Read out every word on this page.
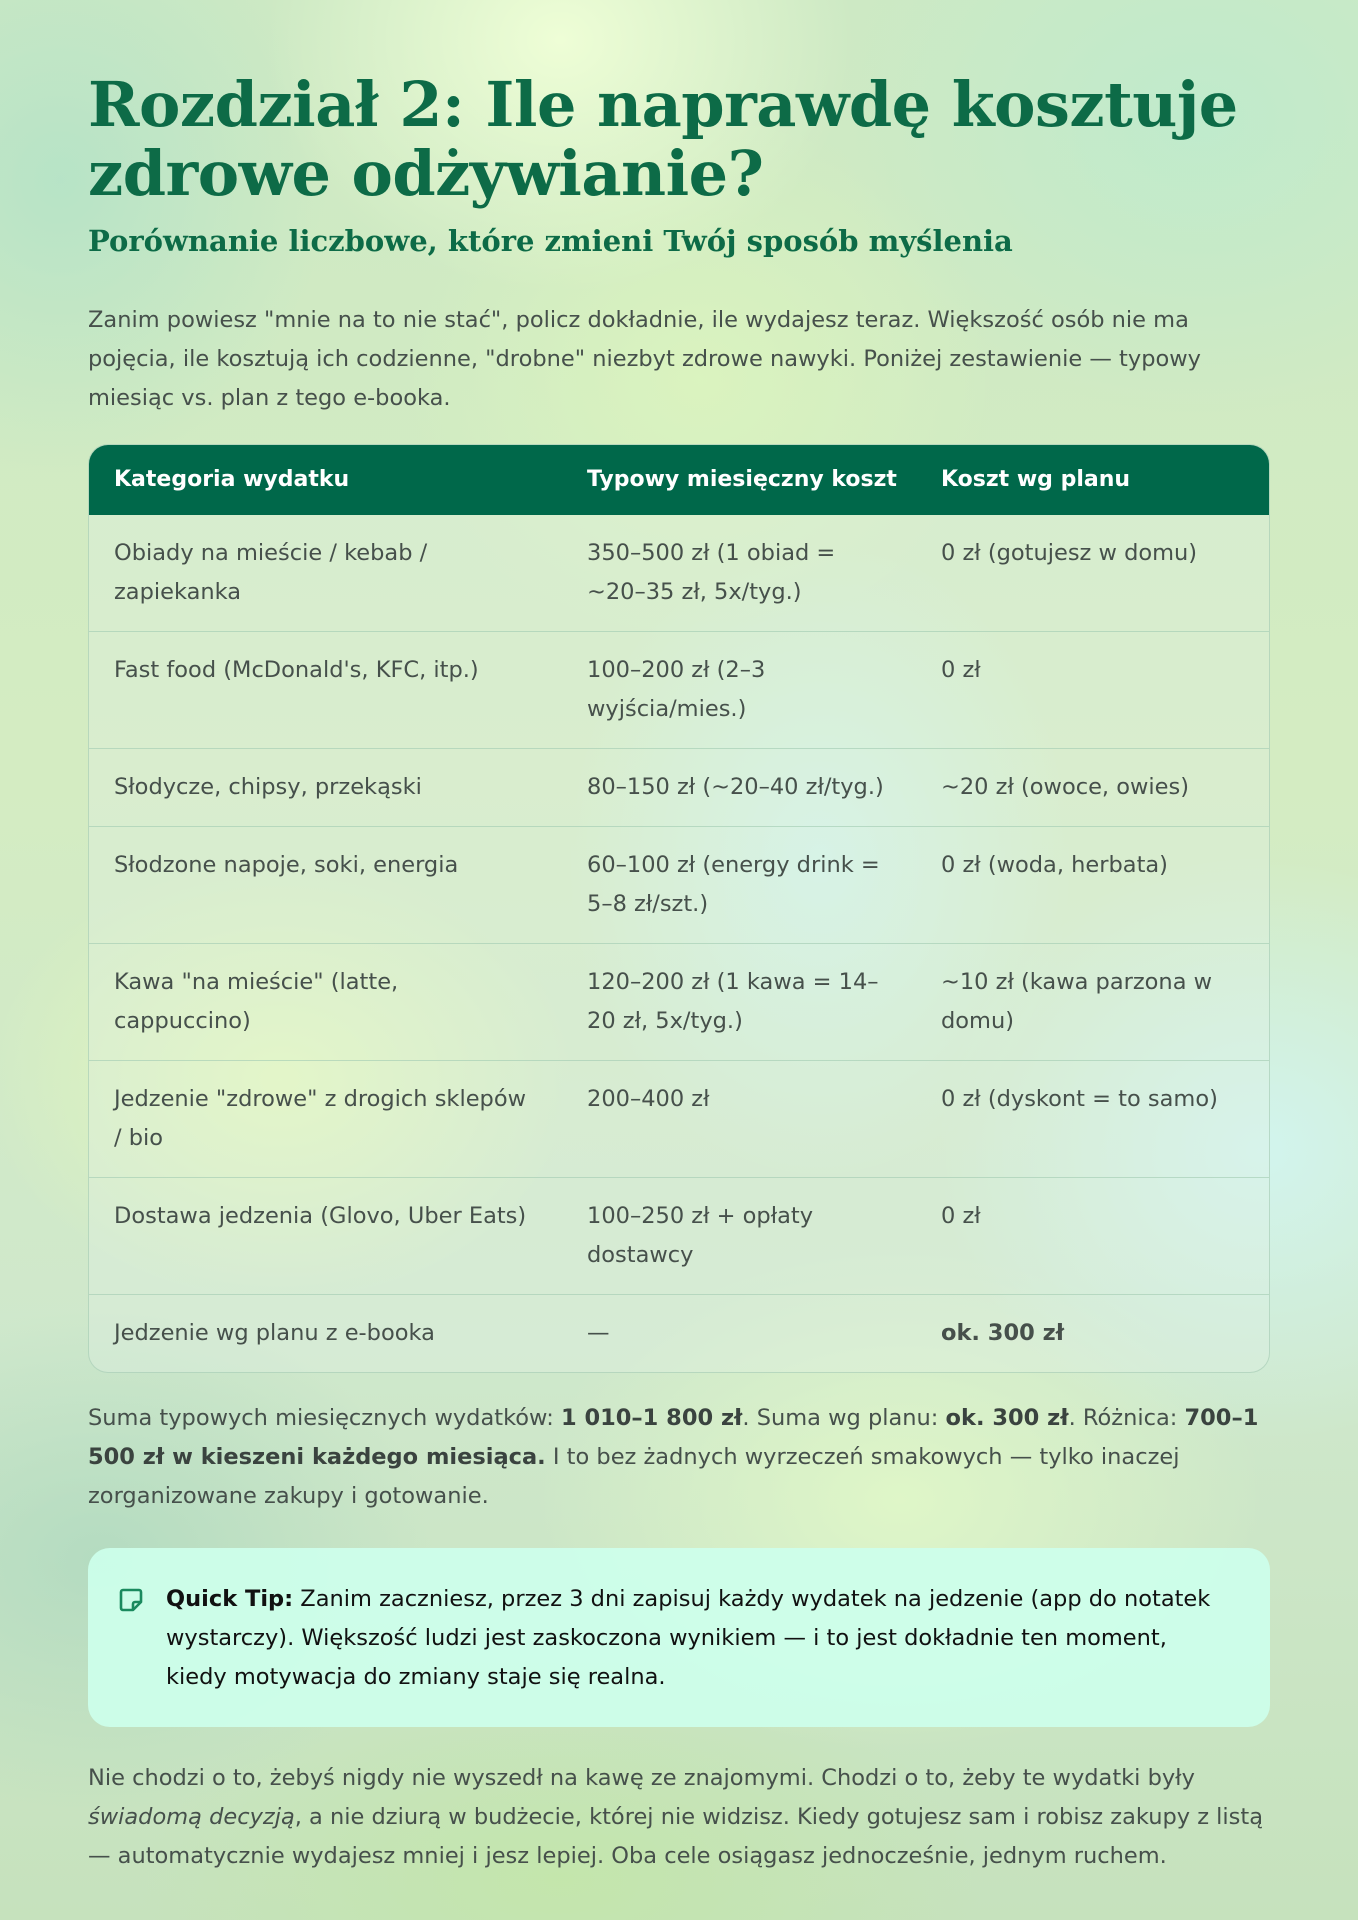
Rozdział 2: Ile naprawdę kosztuje zdrowe odżywianie?
Porównanie liczbowe, które zmieni Twój sposób myślenia

Zanim powiesz "mnie na to nie stać", policz dokładnie, ile wydajesz teraz. Większość osób nie ma pojęcia, ile kosztują ich codzienne, "drobne" niezbyt zdrowe nawyki. Poniżej zestawienie — typowy miesiąc vs. plan z tego e-booka.

Kategoria wydatku	Typowy miesięczny koszt	Koszt wg planu
Obiady na mieście / kebab / zapiekanka	350–500 zł (1 obiad = ~20–35 zł, 5x/tyg.)	0 zł (gotujesz w domu)
Fast food (McDonald's, KFC, itp.)	100–200 zł (2–3 wyjścia/mies.)	0 zł
Słodycze, chipsy, przekąski	80–150 zł (~20–40 zł/tyg.)	~20 zł (owoce, owies)
Słodzone napoje, soki, energia	60–100 zł (energy drink = 5–8 zł/szt.)	0 zł (woda, herbata)
Kawa "na mieście" (latte, cappuccino)	120–200 zł (1 kawa = 14–20 zł, 5x/tyg.)	~10 zł (kawa parzona w domu)
Jedzenie "zdrowe" z drogich sklepów / bio	200–400 zł	0 zł (dyskont = to samo)
Dostawa jedzenia (Glovo, Uber Eats)	100–250 zł + opłaty dostawcy	0 zł
Jedzenie wg planu z e-booka	—	ok. 300 zł

Suma typowych miesięcznych wydatków: 1 010–1 800 zł. Suma wg planu: ok. 300 zł. Różnica: 700–1 500 zł w kieszeni każdego miesiąca. I to bez żadnych wyrzeczeń smakowych — tylko inaczej zorganizowane zakupy i gotowanie.

Quick Tip: Zanim zaczniesz, przez 3 dni zapisuj każdy wydatek na jedzenie (app do notatek wystarczy). Większość ludzi jest zaskoczona wynikiem — i to jest dokładnie ten moment, kiedy motywacja do zmiany staje się realna.

Nie chodzi o to, żebyś nigdy nie wyszedł na kawę ze znajomymi. Chodzi o to, żeby te wydatki były świadomą decyzją, a nie dziurą w budżecie, której nie widzisz. Kiedy gotujesz sam i robisz zakupy z listą — automatycznie wydajesz mniej i jesz lepiej. Oba cele osiągasz jednocześnie, jednym ruchem.
